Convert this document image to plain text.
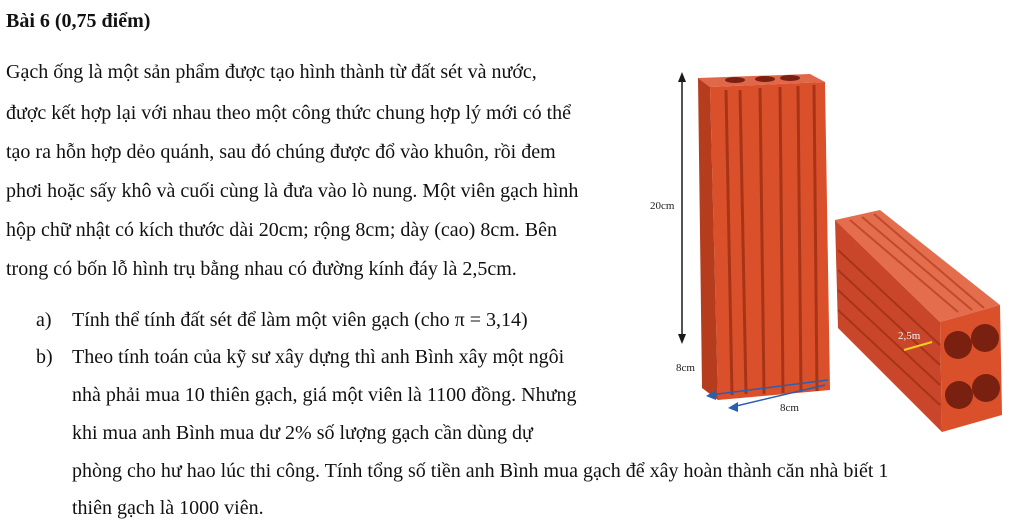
Bài 6 (0,75 điểm)
Gạch ống là một sản phẩm được tạo hình thành từ đất sét và nước,
được kết hợp lại với nhau theo một công thức chung hợp lý mới có thể
tạo ra hỗn hợp dẻo quánh, sau đó chúng được đổ vào khuôn, rồi đem
phơi hoặc sấy khô và cuối cùng là đưa vào lò nung. Một viên gạch hình
hộp chữ nhật có kích thước dài 20cm; rộng 8cm; dày (cao) 8cm. Bên
trong có bốn lỗ hình trụ bằng nhau có đường kính đáy là 2,5cm.
a) Tính thể tính đất sét để làm một viên gạch (cho π = 3,14)
b) Theo tính toán của kỹ sư xây dựng thì anh Bình xây một ngôi
nhà phải mua 10 thiên gạch, giá một viên là 1100 đồng. Nhưng
khi mua anh Bình mua dư 2% số lượng gạch cần dùng dự
phòng cho hư hao lúc thi công. Tính tổng số tiền anh Bình mua gạch để xây hoàn thành căn nhà biết 1
thiên gạch là 1000 viên.
20cm
8cm
8cm
2,5m
